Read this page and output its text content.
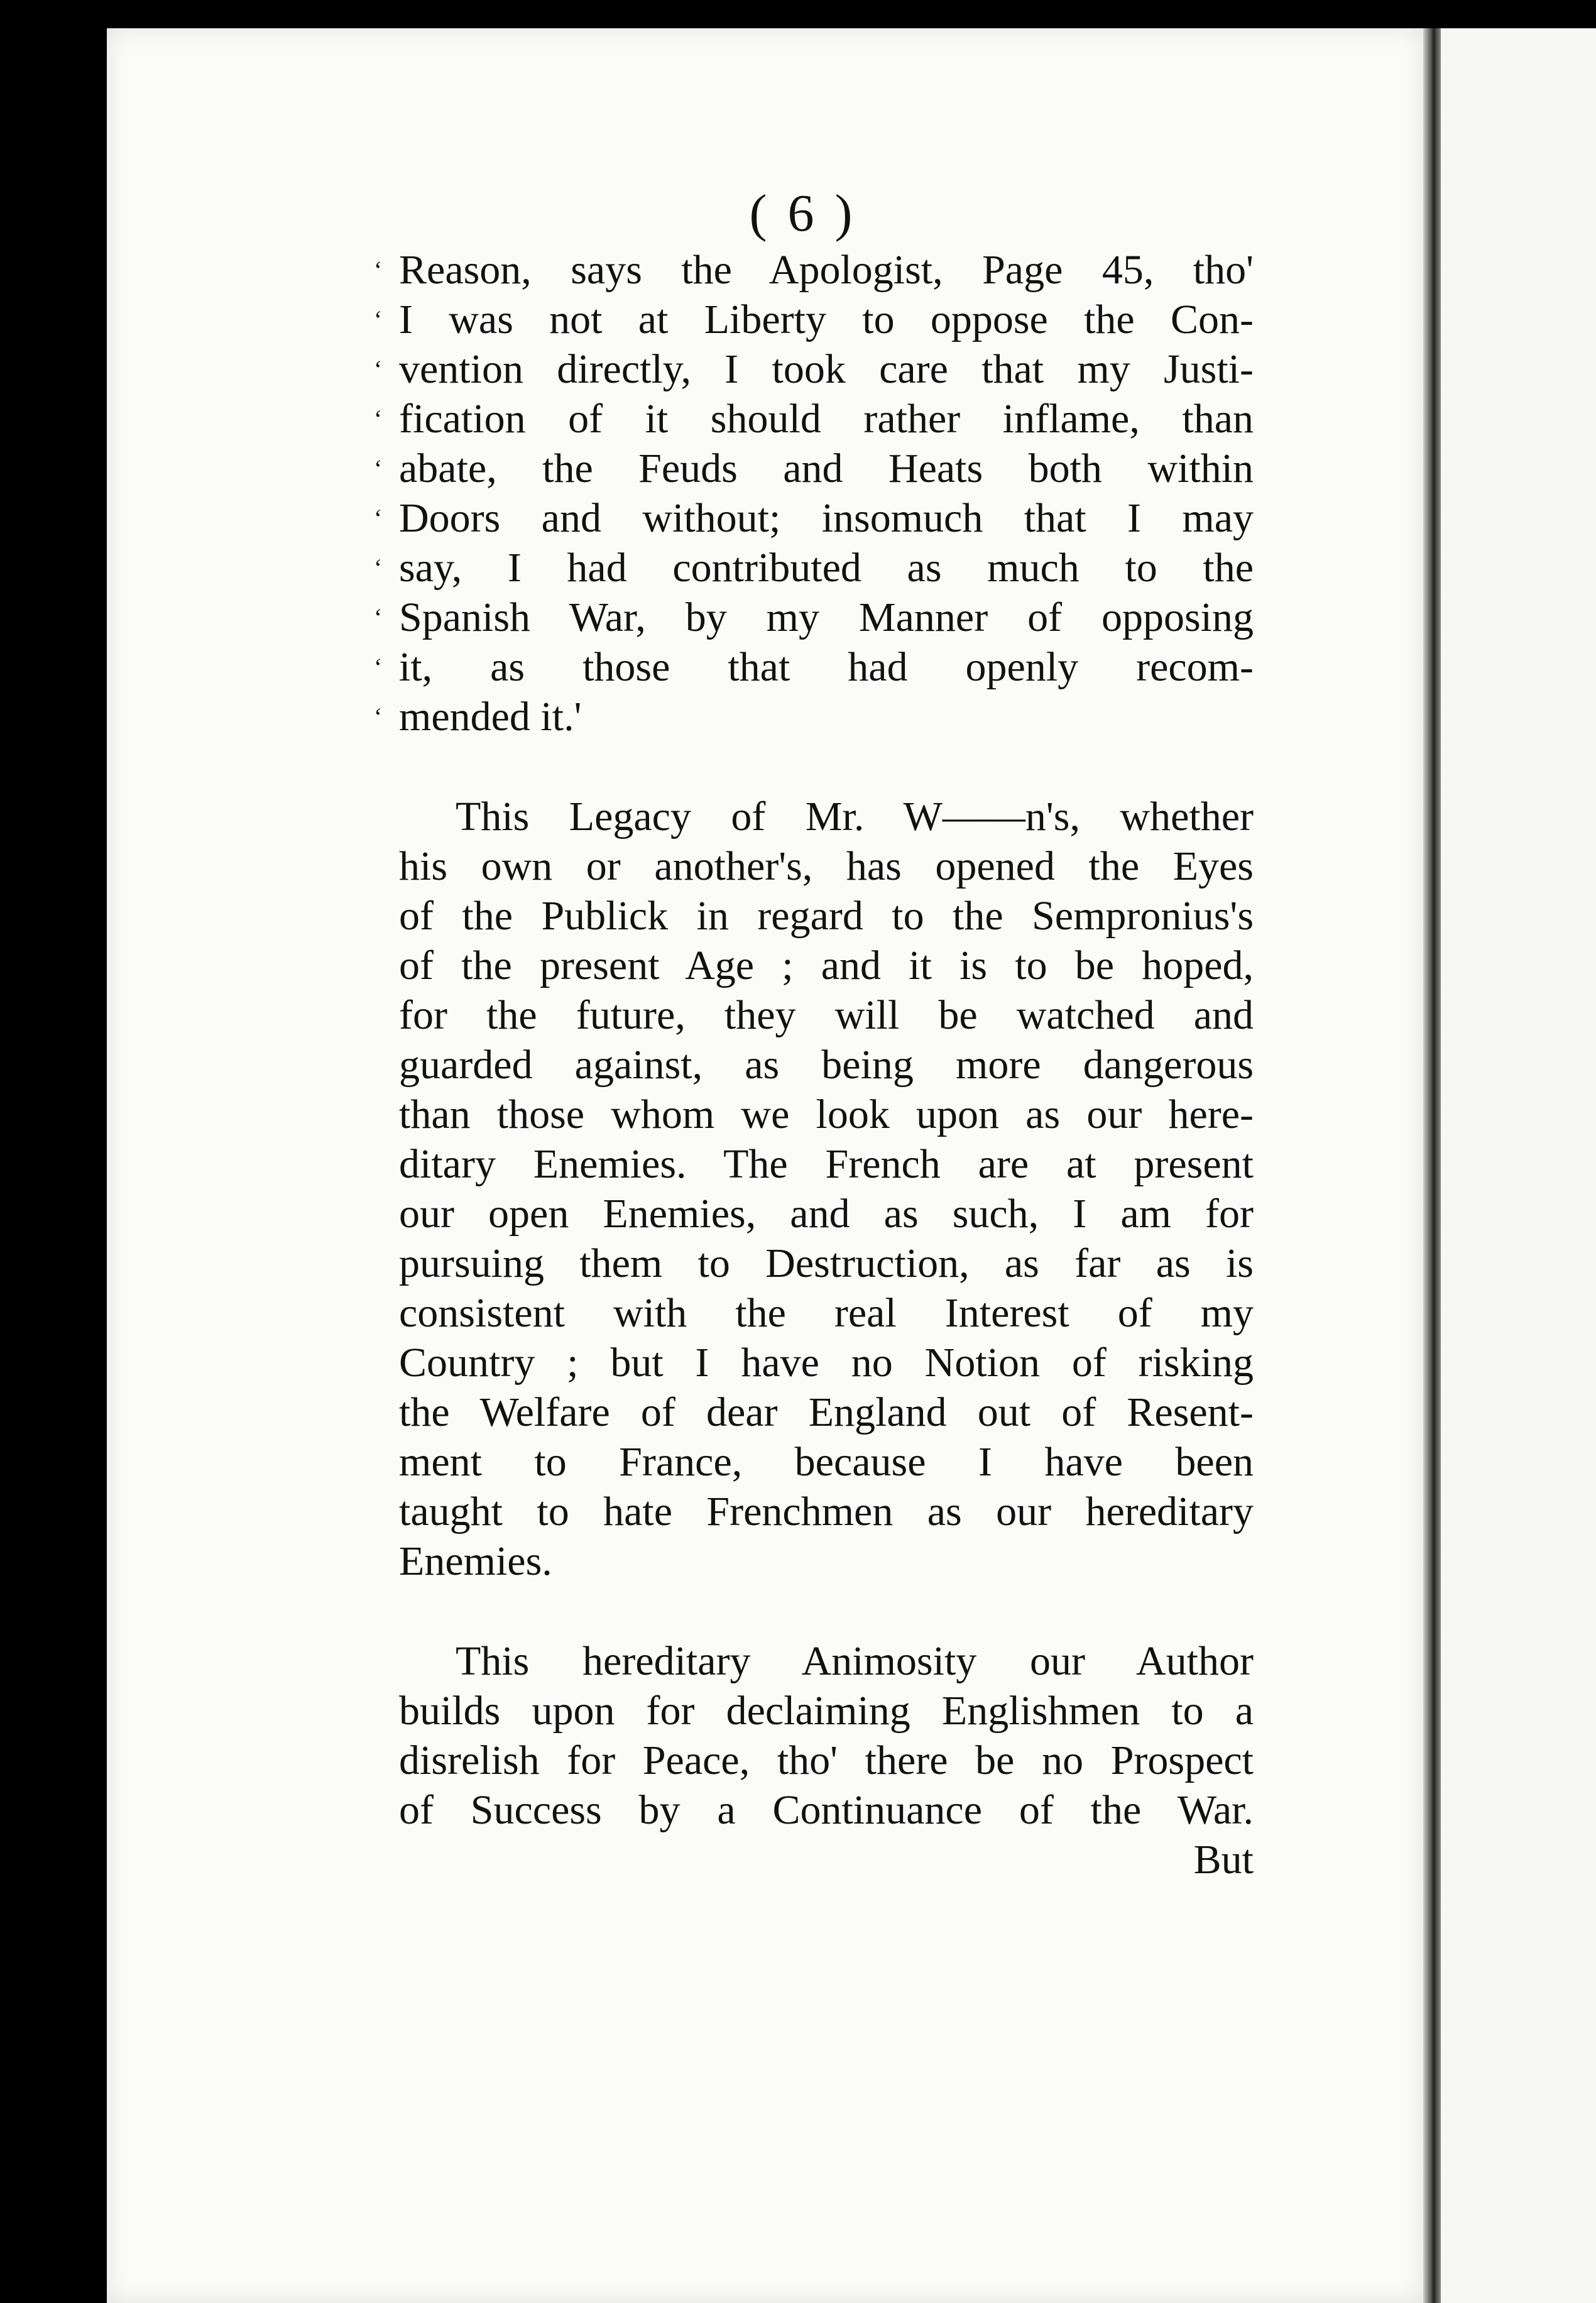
( 6 )
‘ Reason, says the Apologist, Page 45, tho'
‘ I was not at Liberty to oppose the Con-
‘ vention directly, I took care that my Justi-
‘ fication of it should rather inflame, than
‘ abate, the Feuds and Heats both within
‘ Doors and without; insomuch that I may
‘ say, I had contributed as much to the
‘ Spanish War, by my Manner of opposing
‘ it, as those that had openly recom-
‘ mended it.'
This Legacy of Mr. W——n's, whether
his own or another's, has opened the Eyes
of the Publick in regard to the Sempronius's
of the present Age ; and it is to be hoped,
for the future, they will be watched and
guarded against, as being more dangerous
than those whom we look upon as our here-
ditary Enemies. The French are at present
our open Enemies, and as such, I am for
pursuing them to Destruction, as far as is
consistent with the real Interest of my
Country ; but I have no Notion of risking
the Welfare of dear England out of Resent-
ment to France, because I have been
taught to hate Frenchmen as our hereditary
Enemies.
This hereditary Animosity our Author
builds upon for declaiming Englishmen to a
disrelish for Peace, tho' there be no Prospect
of Success by a Continuance of the War.
But
